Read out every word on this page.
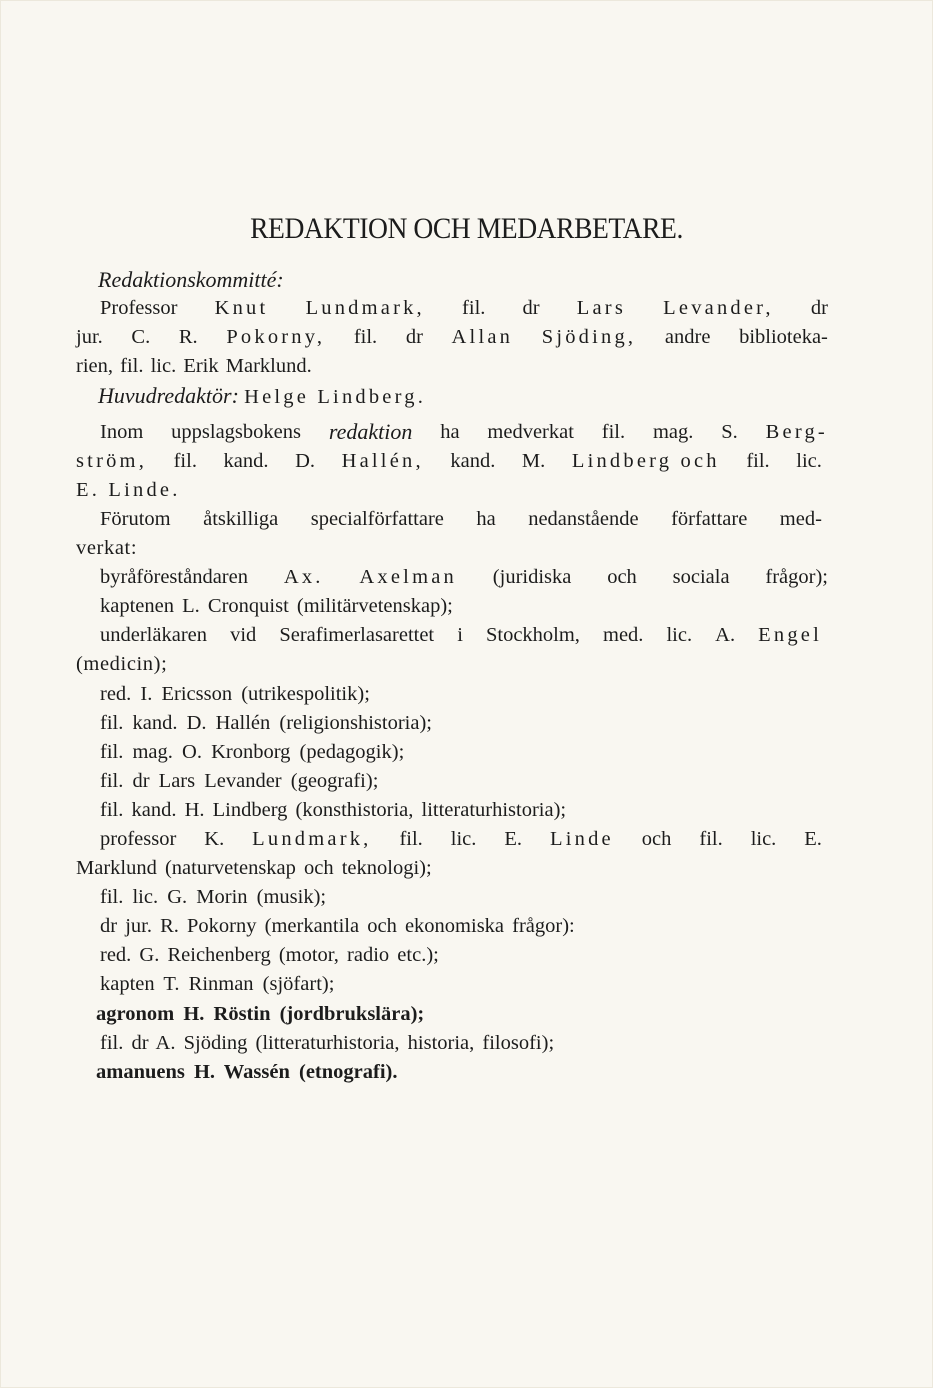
REDAKTION OCH MEDARBETARE.
Redaktionskommitté:
Professor Knut Lundmark, fil. dr Lars Levander, dr
jur. C. R. Pokorny, fil. dr Allan Sjöding, andre biblioteka-
rien, fil. lic. Erik Marklund.
Huvudredaktör: Helge Lindberg.
Inom uppslagsbokens redaktion ha medverkat fil. mag. S. Berg-
ström, fil. kand. D. Hallén, kand. M. Lindberg och fil. lic.
E. Linde.
Förutom åtskilliga specialförfattare ha nedanstående författare med-
verkat:
byråföreståndaren Ax. Axelman (juridiska och sociala frågor);
kaptenen L. Cronquist (militärvetenskap);
underläkaren vid Serafimerlasarettet i Stockholm, med. lic. A. Engel
(medicin);
red. I. Ericsson (utrikespolitik);
fil. kand. D. Hallén (religionshistoria);
fil. mag. O. Kronborg (pedagogik);
fil. dr Lars Levander (geografi);
fil. kand. H. Lindberg (konsthistoria, litteraturhistoria);
professor K. Lundmark, fil. lic. E. Linde och fil. lic. E.
Marklund (naturvetenskap och teknologi);
fil. lic. G. Morin (musik);
dr jur. R. Pokorny (merkantila och ekonomiska frågor):
red. G. Reichenberg (motor, radio etc.);
kapten T. Rinman (sjöfart);
agronom H. Röstin (jordbrukslära);
fil. dr A. Sjöding (litteraturhistoria, historia, filosofi);
amanuens H. Wassén (etnografi).
